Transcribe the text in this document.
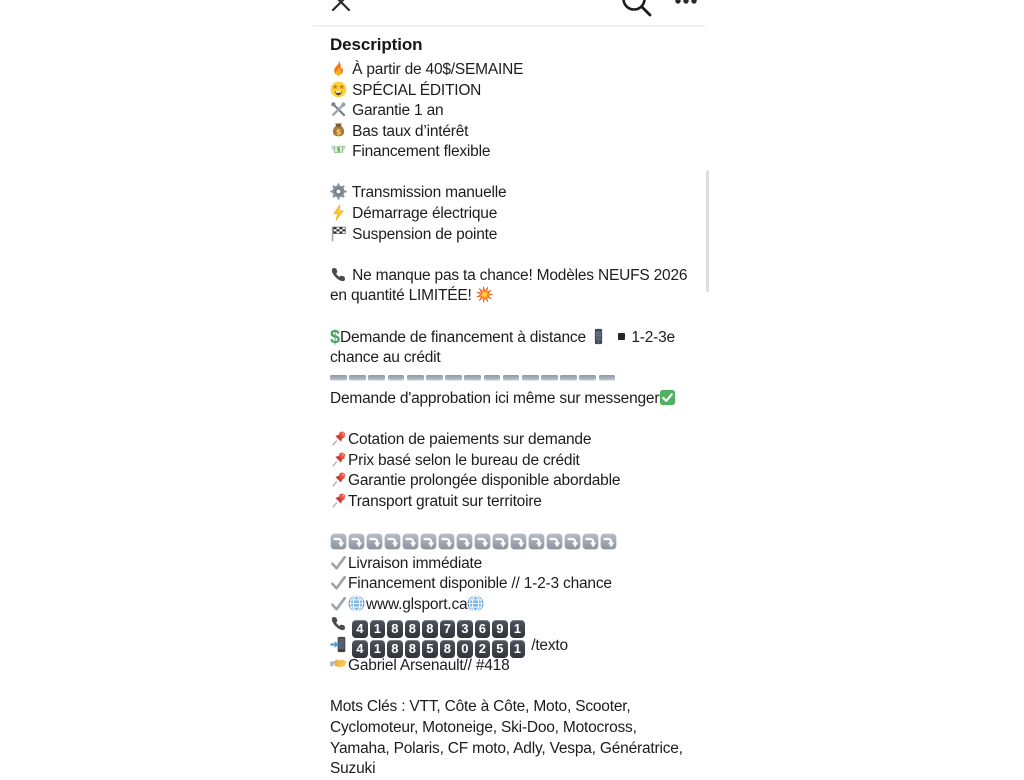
Description
À partir de 40$/SEMAINE
SPÉCIAL ÉDITION
Garantie 1 an
$ Bas taux d’intérêt
$ Financement flexible
Transmission manuelle
Démarrage électrique
Suspension de pointe
Ne manque pas ta chance! Modèles NEUFS 2026
en quantité LIMITÉE!
$Demande de financement à distance
1-2-3e
chance au crédit
Demande d'approbation ici même sur messenger
Cotation de paiements sur demande
Prix basé selon le bureau de crédit
Garantie prolongée disponible abordable
Transport gratuit sur territoire
Livraison immédiate
Financement disponible // 1-2-3 chance
www.glsport.ca
4 1 8 8 8 7 3 6 9 1
4 1 8 8 5 8 0 2 5 1 /texto
Gabriel Arsenault// #418
Mots Clés : VTT, Côte à Côte, Moto, Scooter,
Cyclomoteur, Motoneige, Ski-Doo, Motocross,
Yamaha, Polaris, CF moto, Adly, Vespa, Génératrice,
Suzuki
